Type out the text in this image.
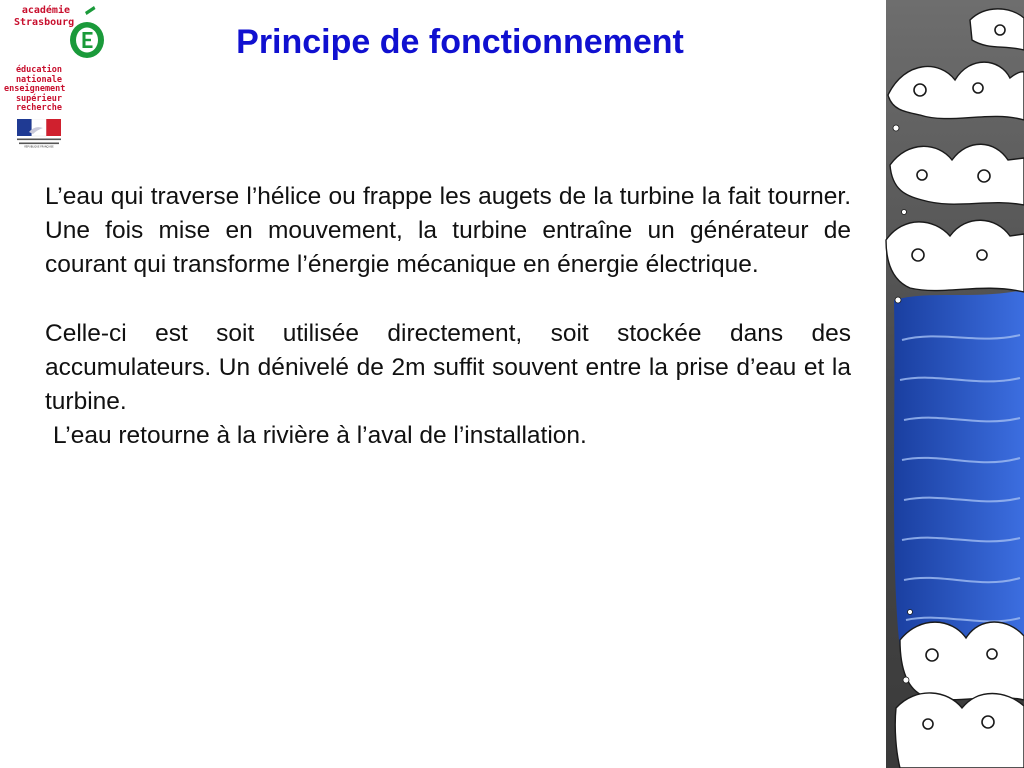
académie
Strasbourg
éducation
nationale
enseignement
supérieur
recherche
RÉPUBLIQUE FRANÇAISE
Principe de fonctionnement

L’eau qui traverse l’hélice ou frappe les augets de la turbine la fait tourner. Une fois mise en mouvement, la turbine entraîne un générateur de courant qui transforme l’énergie mécanique en énergie électrique.

Celle-ci est soit utilisée directement, soit stockée dans des accumulateurs. Un dénivelé de 2m suffit souvent entre la prise d’eau et la turbine.

L’eau retourne à la rivière à l’aval de l’installation.
